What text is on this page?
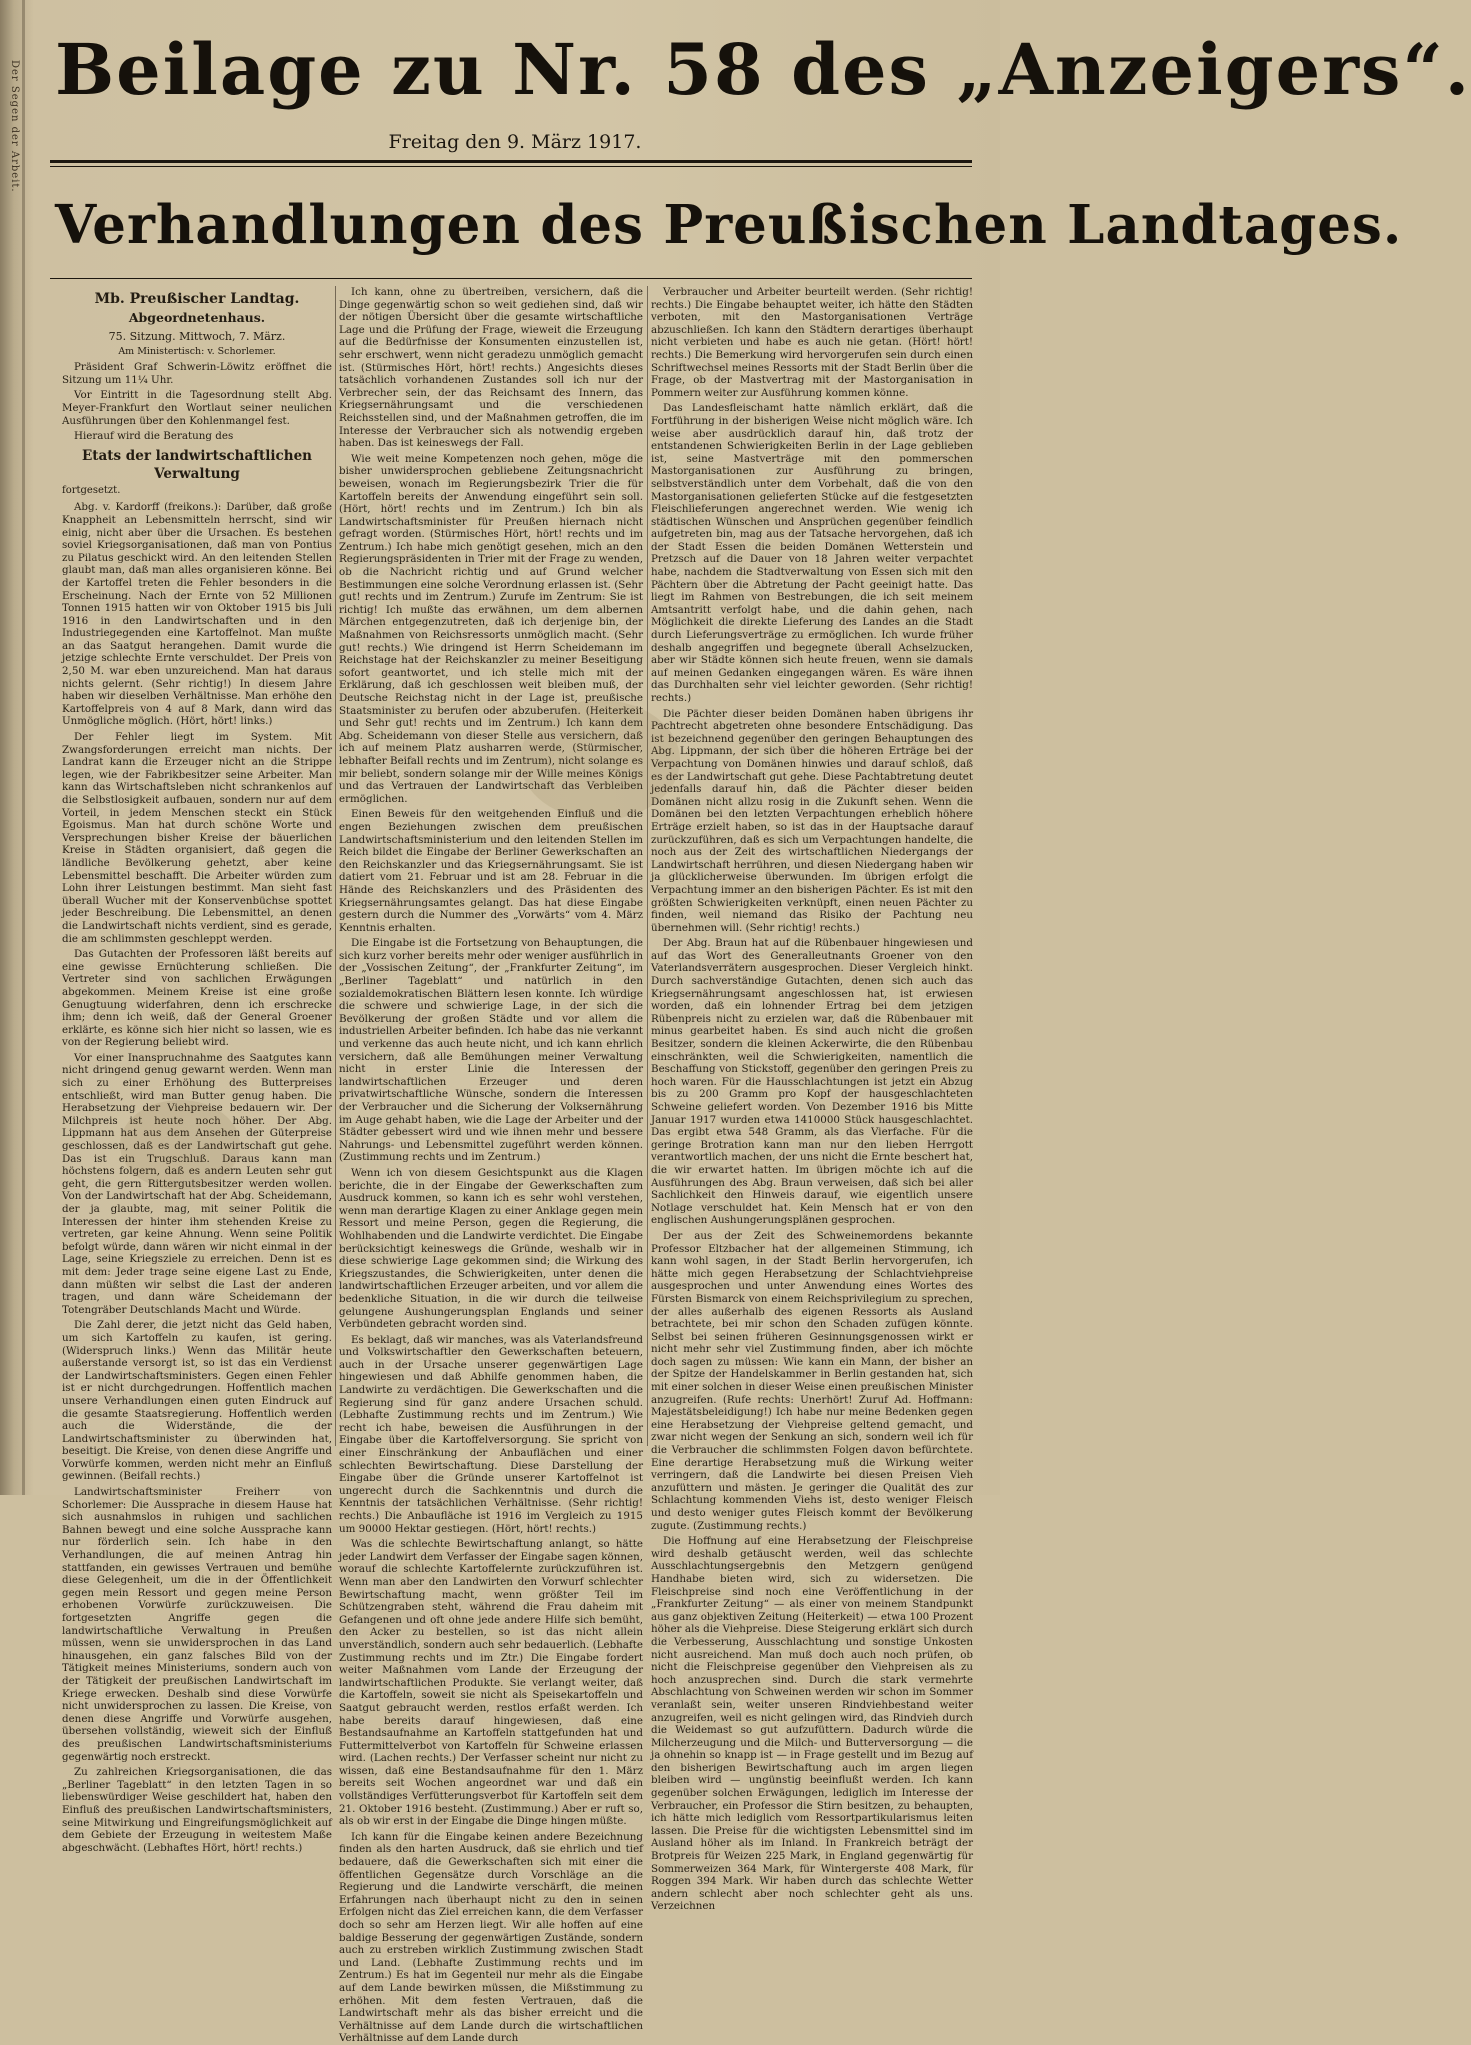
Der Segen der Arbeit. Beilage zu Nr. 58 des „Anzeigers“.
Freitag den 9. März 1917.
Verhandlungen des Preußischen Landtages.
Mb. Preußischer Landtag.
Abgeordnetenhaus.
75. Sitzung. Mittwoch, 7. März.
Am Ministertisch: v. Schorlemer.

Präsident Graf Schwerin-Löwitz eröffnet die Sitzung um 11¼ Uhr.

Vor Eintritt in die Tagesordnung stellt Abg. Meyer-Frankfurt den Wortlaut seiner neulichen Ausführungen über den Kohlenmangel fest.

Hierauf wird die Beratung des

Etats der landwirtschaftlichen Verwaltung
fortgesetzt.

Abg. v. Kardorff (freikons.): Darüber, daß große Knappheit an Lebensmitteln herrscht, sind wir einig, nicht aber über die Ursachen. Es bestehen soviel Kriegsorganisationen, daß man von Pontius zu Pilatus geschickt wird. An den leitenden Stellen glaubt man, daß man alles organisieren könne. Bei der Kartoffel treten die Fehler besonders in die Erscheinung. Nach der Ernte von 52 Millionen Tonnen 1915 hatten wir von Oktober 1915 bis Juli 1916 in den Landwirtschaften und in den Industriegegenden eine Kartoffelnot. Man mußte an das Saatgut herangehen. Damit wurde die jetzige schlechte Ernte verschuldet. Der Preis von 2,50 M. war eben unzureichend. Man hat daraus nichts gelernt. (Sehr richtig!) In diesem Jahre haben wir dieselben Verhältnisse. Man erhöhe den Kartoffelpreis von 4 auf 8 Mark, dann wird das Unmögliche möglich. (Hört, hört! links.)

Der Fehler liegt im System. Mit Zwangsforderungen erreicht man nichts. Der Landrat kann die Erzeuger nicht an die Strippe legen, wie der Fabrikbesitzer seine Arbeiter. Man kann das Wirtschaftsleben nicht schrankenlos auf die Selbstlosigkeit aufbauen, sondern nur auf dem Vorteil, in jedem Menschen steckt ein Stück Egoismus. Man hat durch schöne Worte und Versprechungen bisher Kreise der bäuerlichen Kreise in Städten organisiert, daß gegen die ländliche Bevölkerung gehetzt, aber keine Lebensmittel beschafft. Die Arbeiter würden zum Lohn ihrer Leistungen bestimmt. Man sieht fast überall Wucher mit der Konservenbüchse spottet jeder Beschreibung. Die Lebensmittel, an denen die Landwirtschaft nichts verdient, sind es gerade, die am schlimmsten geschleppt werden.

Das Gutachten der Professoren läßt bereits auf eine gewisse Ernüchterung schließen. Die Vertreter sind von sachlichen Erwägungen abgekommen. Meinem Kreise ist eine große Genugtuung widerfahren, denn ich erschrecke ihm; denn ich weiß, daß der General Groener erklärte, es könne sich hier nicht so lassen, wie es von der Regierung beliebt wird.

Vor einer Inanspruchnahme des Saatgutes kann nicht dringend genug gewarnt werden. Wenn man sich zu einer Erhöhung des Butterpreises entschließt, wird man Butter genug haben. Die Herabsetzung der Viehpreise bedauern wir. Der Milchpreis ist heute noch höher. Der Abg. Lippmann hat aus dem Ansehen der Güterpreise geschlossen, daß es der Landwirtschaft gut gehe. Das ist ein Trugschluß. Daraus kann man höchstens folgern, daß es andern Leuten sehr gut geht, die gern Rittergutsbesitzer werden wollen. Von der Landwirtschaft hat der Abg. Scheidemann, der ja glaubte, mag, mit seiner Politik die Interessen der hinter ihm stehenden Kreise zu vertreten, gar keine Ahnung. Wenn seine Politik befolgt würde, dann wären wir nicht einmal in der Lage, seine Kriegsziele zu erreichen. Denn ist es mit dem: Jeder trage seine eigene Last zu Ende, dann müßten wir selbst die Last der anderen tragen, und dann wäre Scheidemann der Totengräber Deutschlands Macht und Würde.

Die Zahl derer, die jetzt nicht das Geld haben, um sich Kartoffeln zu kaufen, ist gering. (Widerspruch links.) Wenn das Militär heute außerstande versorgt ist, so ist das ein Verdienst der Landwirtschaftsministers. Gegen einen Fehler ist er nicht durchgedrungen. Hoffentlich machen unsere Verhandlungen einen guten Eindruck auf die gesamte Staatsregierung. Hoffentlich werden auch die Widerstände, die der Landwirtschaftsminister zu überwinden hat, beseitigt. Die Kreise, von denen diese Angriffe und Vorwürfe kommen, werden nicht mehr an Einfluß gewinnen. (Beifall rechts.)

Landwirtschaftsminister Freiherr von Schorlemer: Die Aussprache in diesem Hause hat sich ausnahmslos in ruhigen und sachlichen Bahnen bewegt und eine solche Aussprache kann nur förderlich sein. Ich habe in den Verhandlungen, die auf meinen Antrag hin stattfanden, ein gewisses Vertrauen und bemühe diese Gelegenheit, um die in der Öffentlichkeit gegen mein Ressort und gegen meine Person erhobenen Vorwürfe zurückzuweisen. Die fortgesetzten Angriffe gegen die landwirtschaftliche Verwaltung in Preußen müssen, wenn sie unwidersprochen in das Land hinausgehen, ein ganz falsches Bild von der Tätigkeit meines Ministeriums, sondern auch von der Tätigkeit der preußischen Landwirtschaft im Kriege erwecken. Deshalb sind diese Vorwürfe nicht unwidersprochen zu lassen. Die Kreise, von denen diese Angriffe und Vorwürfe ausgehen, übersehen vollständig, wieweit sich der Einfluß des preußischen Landwirtschaftsministeriums gegenwärtig noch erstreckt.

Zu zahlreichen Kriegsorganisationen, die das „Berliner Tageblatt“ in den letzten Tagen in so liebenswürdiger Weise geschildert hat, haben den Einfluß des preußischen Landwirtschaftsministers, seine Mitwirkung und Eingreifungsmöglichkeit auf dem Gebiete der Erzeugung in weitestem Maße abgeschwächt. (Lebhaftes Hört, hört! rechts.)

Ich kann, ohne zu übertreiben, versichern, daß die Dinge gegenwärtig schon so weit gediehen sind, daß wir der nötigen Übersicht über die gesamte wirtschaftliche Lage und die Prüfung der Frage, wieweit die Erzeugung auf die Bedürfnisse der Konsumenten einzustellen ist, sehr erschwert, wenn nicht geradezu unmöglich gemacht ist. (Stürmisches Hört, hört! rechts.) Angesichts dieses tatsächlich vorhandenen Zustandes soll ich nur der Verbrecher sein, der das Reichsamt des Innern, das Kriegsernährungsamt und die verschiedenen Reichsstellen sind, und der Maßnahmen getroffen, die im Interesse der Verbraucher sich als notwendig ergeben haben. Das ist keineswegs der Fall.

Wie weit meine Kompetenzen noch gehen, möge die bisher unwidersprochen gebliebene Zeitungsnachricht beweisen, wonach im Regierungsbezirk Trier die für Kartoffeln bereits der Anwendung eingeführt sein soll. (Hört, hört! rechts und im Zentrum.) Ich bin als Landwirtschaftsminister für Preußen hiernach nicht gefragt worden. (Stürmisches Hört, hört! rechts und im Zentrum.) Ich habe mich genötigt gesehen, mich an den Regierungspräsidenten in Trier mit der Frage zu wenden, ob die Nachricht richtig und auf Grund welcher Bestimmungen eine solche Verordnung erlassen ist. (Sehr gut! rechts und im Zentrum.) Zurufe im Zentrum: Sie ist richtig! Ich mußte das erwähnen, um dem albernen Märchen entgegenzutreten, daß ich derjenige bin, der Maßnahmen von Reichsressorts unmöglich macht. (Sehr gut! rechts.) Wie dringend ist Herrn Scheidemann im Reichstage hat der Reichskanzler zu meiner Beseitigung sofort geantwortet, und ich stelle mich mit der Erklärung, daß ich geschlossen weit bleiben muß, der Deutsche Reichstag nicht in der Lage ist, preußische Staatsminister zu berufen oder abzuberufen. (Heiterkeit und Sehr gut! rechts und im Zentrum.) Ich kann dem Abg. Scheidemann von dieser Stelle aus versichern, daß ich auf meinem Platz ausharren werde, (Stürmischer, lebhafter Beifall rechts und im Zentrum), nicht solange es mir beliebt, sondern solange mir der Wille meines Königs und das Vertrauen der Landwirtschaft das Verbleiben ermöglichen.

Einen Beweis für den weitgehenden Einfluß und die engen Beziehungen zwischen dem preußischen Landwirtschaftsministerium und den leitenden Stellen im Reich bildet die Eingabe der Berliner Gewerkschaften an den Reichskanzler und das Kriegsernährungsamt. Sie ist datiert vom 21. Februar und ist am 28. Februar in die Hände des Reichskanzlers und des Präsidenten des Kriegsernährungsamtes gelangt. Das hat diese Eingabe gestern durch die Nummer des „Vorwärts“ vom 4. März Kenntnis erhalten.

Die Eingabe ist die Fortsetzung von Behauptungen, die sich kurz vorher bereits mehr oder weniger ausführlich in der „Vossischen Zeitung“, der „Frankfurter Zeitung“, im „Berliner Tageblatt“ und natürlich in den sozialdemokratischen Blättern lesen konnte. Ich würdige die schwere und schwierige Lage, in der sich die Bevölkerung der großen Städte und vor allem die industriellen Arbeiter befinden. Ich habe das nie verkannt und verkenne das auch heute nicht, und ich kann ehrlich versichern, daß alle Bemühungen meiner Verwaltung nicht in erster Linie die Interessen der landwirtschaftlichen Erzeuger und deren privatwirtschaftliche Wünsche, sondern die Interessen der Verbraucher und die Sicherung der Volksernährung im Auge gehabt haben, wie die Lage der Arbeiter und der Städter gebessert wird und wie ihnen mehr und bessere Nahrungs- und Lebensmittel zugeführt werden können. (Zustimmung rechts und im Zentrum.)

Wenn ich von diesem Gesichtspunkt aus die Klagen berichte, die in der Eingabe der Gewerkschaften zum Ausdruck kommen, so kann ich es sehr wohl verstehen, wenn man derartige Klagen zu einer Anklage gegen mein Ressort und meine Person, gegen die Regierung, die Wohlhabenden und die Landwirte verdichtet. Die Eingabe berücksichtigt keineswegs die Gründe, weshalb wir in diese schwierige Lage gekommen sind; die Wirkung des Kriegszustandes, die Schwierigkeiten, unter denen die landwirtschaftlichen Erzeuger arbeiten, und vor allem die bedenkliche Situation, in die wir durch die teilweise gelungene Aushungerungsplan Englands und seiner Verbündeten gebracht worden sind.

Es beklagt, daß wir manches, was als Vaterlandsfreund und Volkswirtschaftler den Gewerkschaften beteuern, auch in der Ursache unserer gegenwärtigen Lage hingewiesen und daß Abhilfe genommen haben, die Landwirte zu verdächtigen. Die Gewerkschaften und die Regierung sind für ganz andere Ursachen schuld. (Lebhafte Zustimmung rechts und im Zentrum.) Wie recht ich habe, beweisen die Ausführungen in der Eingabe über die Kartoffelversorgung. Sie spricht von einer Einschränkung der Anbauflächen und einer schlechten Bewirtschaftung. Diese Darstellung der Eingabe über die Gründe unserer Kartoffelnot ist ungerecht durch die Sachkenntnis und durch die Kenntnis der tatsächlichen Verhältnisse. (Sehr richtig! rechts.) Die Anbaufläche ist 1916 im Vergleich zu 1915 um 90000 Hektar gestiegen. (Hört, hört! rechts.)

Was die schlechte Bewirtschaftung anlangt, so hätte jeder Landwirt dem Verfasser der Eingabe sagen können, worauf die schlechte Kartoffelernte zurückzuführen ist. Wenn man aber den Landwirten den Vorwurf schlechter Bewirtschaftung macht, wenn größter Teil im Schützengraben steht, während die Frau daheim mit Gefangenen und oft ohne jede andere Hilfe sich bemüht, den Acker zu bestellen, so ist das nicht allein unverständlich, sondern auch sehr bedauerlich. (Lebhafte Zustimmung rechts und im Ztr.) Die Eingabe fordert weiter Maßnahmen vom Lande der Erzeugung der landwirtschaftlichen Produkte. Sie verlangt weiter, daß die Kartoffeln, soweit sie nicht als Speisekartoffeln und Saatgut gebraucht werden, restlos erfaßt werden. Ich habe bereits darauf hingewiesen, daß eine Bestandsaufnahme an Kartoffeln stattgefunden hat und Futtermittelverbot von Kartoffeln für Schweine erlassen wird. (Lachen rechts.) Der Verfasser scheint nur nicht zu wissen, daß eine Bestandsaufnahme für den 1. März bereits seit Wochen angeordnet war und daß ein vollständiges Verfütterungsverbot für Kartoffeln seit dem 21. Oktober 1916 besteht. (Zustimmung.) Aber er ruft so, als ob wir erst in der Eingabe die Dinge hingen müßte.

Ich kann für die Eingabe keinen andere Bezeichnung finden als den harten Ausdruck, daß sie ehrlich und tief bedauere, daß die Gewerkschaften sich mit einer die öffentlichen Gegensätze durch Vorschläge an die Regierung und die Landwirte verschärft, die meinen Erfahrungen nach überhaupt nicht zu den in seinen Erfolgen nicht das Ziel erreichen kann, die dem Verfasser doch so sehr am Herzen liegt. Wir alle hoffen auf eine baldige Besserung der gegenwärtigen Zustände, sondern auch zu erstreben wirklich Zustimmung zwischen Stadt und Land. (Lebhafte Zustimmung rechts und im Zentrum.) Es hat im Gegenteil nur mehr als die Eingabe auf dem Lande bewirken müssen, die Mißstimmung zu erhöhen. Mit dem festen Vertrauen, daß die Landwirtschaft mehr als das bisher erreicht und die Verhältnisse auf dem Lande durch die wirtschaftlichen Verhältnisse auf dem Lande durch

Verbraucher und Arbeiter beurteilt werden. (Sehr richtig! rechts.) Die Eingabe behauptet weiter, ich hätte den Städten verboten, mit den Mastorganisationen Verträge abzuschließen. Ich kann den Städtern derartiges überhaupt nicht verbieten und habe es auch nie getan. (Hört! hört! rechts.) Die Bemerkung wird hervorgerufen sein durch einen Schriftwechsel meines Ressorts mit der Stadt Berlin über die Frage, ob der Mastvertrag mit der Mastorganisation in Pommern weiter zur Ausführung kommen könne.

Das Landesfleischamt hatte nämlich erklärt, daß die Fortführung in der bisherigen Weise nicht möglich wäre. Ich weise aber ausdrücklich darauf hin, daß trotz der entstandenen Schwierigkeiten Berlin in der Lage geblieben ist, seine Mastverträge mit den pommerschen Mastorganisationen zur Ausführung zu bringen, selbstverständlich unter dem Vorbehalt, daß die von den Mastorganisationen gelieferten Stücke auf die festgesetzten Fleischlieferungen angerechnet werden. Wie wenig ich städtischen Wünschen und Ansprüchen gegenüber feindlich aufgetreten bin, mag aus der Tatsache hervorgehen, daß ich der Stadt Essen die beiden Domänen Wetterstein und Pretzsch auf die Dauer von 18 Jahren weiter verpachtet habe, nachdem die Stadtverwaltung von Essen sich mit den Pächtern über die Abtretung der Pacht geeinigt hatte. Das liegt im Rahmen von Bestrebungen, die ich seit meinem Amtsantritt verfolgt habe, und die dahin gehen, nach Möglichkeit die direkte Lieferung des Landes an die Stadt durch Lieferungsverträge zu ermöglichen. Ich wurde früher deshalb angegriffen und begegnete überall Achselzucken, aber wir Städte können sich heute freuen, wenn sie damals auf meinen Gedanken eingegangen wären. Es wäre ihnen das Durchhalten sehr viel leichter geworden. (Sehr richtig! rechts.)

Die Pächter dieser beiden Domänen haben übrigens ihr Pachtrecht abgetreten ohne besondere Entschädigung. Das ist bezeichnend gegenüber den geringen Behauptungen des Abg. Lippmann, der sich über die höheren Erträge bei der Verpachtung von Domänen hinwies und darauf schloß, daß es der Landwirtschaft gut gehe. Diese Pachtabtretung deutet jedenfalls darauf hin, daß die Pächter dieser beiden Domänen nicht allzu rosig in die Zukunft sehen. Wenn die Domänen bei den letzten Verpachtungen erheblich höhere Erträge erzielt haben, so ist das in der Hauptsache darauf zurückzuführen, daß es sich um Verpachtungen handelte, die noch aus der Zeit des wirtschaftlichen Niedergangs der Landwirtschaft herrühren, und diesen Niedergang haben wir ja glücklicherweise überwunden. Im übrigen erfolgt die Verpachtung immer an den bisherigen Pächter. Es ist mit den größten Schwierigkeiten verknüpft, einen neuen Pächter zu finden, weil niemand das Risiko der Pachtung neu übernehmen will. (Sehr richtig! rechts.)

Der Abg. Braun hat auf die Rübenbauer hingewiesen und auf das Wort des Generalleutnants Groener von den Vaterlandsverrätern ausgesprochen. Dieser Vergleich hinkt. Durch sachverständige Gutachten, denen sich auch das Kriegsernährungsamt angeschlossen hat, ist erwiesen worden, daß ein lohnender Ertrag bei dem jetzigen Rübenpreis nicht zu erzielen war, daß die Rübenbauer mit minus gearbeitet haben. Es sind auch nicht die großen Besitzer, sondern die kleinen Ackerwirte, die den Rübenbau einschränkten, weil die Schwierigkeiten, namentlich die Beschaffung von Stickstoff, gegenüber den geringen Preis zu hoch waren. Für die Hausschlachtungen ist jetzt ein Abzug bis zu 200 Gramm pro Kopf der hausgeschlachteten Schweine geliefert worden. Von Dezember 1916 bis Mitte Januar 1917 wurden etwa 1410000 Stück hausgeschlachtet. Das ergibt etwa 548 Gramm, als das Vierfache. Für die geringe Brotration kann man nur den lieben Herrgott verantwortlich machen, der uns nicht die Ernte beschert hat, die wir erwartet hatten. Im übrigen möchte ich auf die Ausführungen des Abg. Braun verweisen, daß sich bei aller Sachlichkeit den Hinweis darauf, wie eigentlich unsere Notlage verschuldet hat. Kein Mensch hat er von den englischen Aushungerungsplänen gesprochen.

Der aus der Zeit des Schweinemordens bekannte Professor Eltzbacher hat der allgemeinen Stimmung, ich kann wohl sagen, in der Stadt Berlin hervorgerufen, ich hätte mich gegen Herabsetzung der Schlachtviehpreise ausgesprochen und unter Anwendung eines Wortes des Fürsten Bismarck von einem Reichsprivilegium zu sprechen, der alles außerhalb des eigenen Ressorts als Ausland betrachtete, bei mir schon den Schaden zufügen könnte. Selbst bei seinen früheren Gesinnungsgenossen wirkt er nicht mehr sehr viel Zustimmung finden, aber ich möchte doch sagen zu müssen: Wie kann ein Mann, der bisher an der Spitze der Handelskammer in Berlin gestanden hat, sich mit einer solchen in dieser Weise einen preußischen Minister anzugreifen. (Rufe rechts: Unerhört! Zuruf Ad. Hoffmann: Majestätsbeleidigung!) Ich habe nur meine Bedenken gegen eine Herabsetzung der Viehpreise geltend gemacht, und zwar nicht wegen der Senkung an sich, sondern weil ich für die Verbraucher die schlimmsten Folgen davon befürchtete. Eine derartige Herabsetzung muß die Wirkung weiter verringern, daß die Landwirte bei diesen Preisen Vieh anzufüttern und mästen. Je geringer die Qualität des zur Schlachtung kommenden Viehs ist, desto weniger Fleisch und desto weniger gutes Fleisch kommt der Bevölkerung zugute. (Zustimmung rechts.)

Die Hoffnung auf eine Herabsetzung der Fleischpreise wird deshalb getäuscht werden, weil das schlechte Ausschlachtungsergebnis den Metzgern genügend Handhabe bieten wird, sich zu widersetzen. Die Fleischpreise sind noch eine Veröffentlichung in der „Frankfurter Zeitung“ — als einer von meinem Standpunkt aus ganz objektiven Zeitung (Heiterkeit) — etwa 100 Prozent höher als die Viehpreise. Diese Steigerung erklärt sich durch die Verbesserung, Ausschlachtung und sonstige Unkosten nicht ausreichend. Man muß doch auch noch prüfen, ob nicht die Fleischpreise gegenüber den Viehpreisen als zu hoch anzusprechen sind. Durch die stark vermehrte Abschlachtung von Schweinen werden wir schon im Sommer veranlaßt sein, weiter unseren Rindviehbestand weiter anzugreifen, weil es nicht gelingen wird, das Rindvieh durch die Weidemast so gut aufzufüttern. Dadurch würde die Milcherzeugung und die Milch- und Butterversorgung — die ja ohnehin so knapp ist — in Frage gestellt und im Bezug auf den bisherigen Bewirtschaftung auch im argen liegen bleiben wird — ungünstig beeinflußt werden. Ich kann gegenüber solchen Erwägungen, lediglich im Interesse der Verbraucher, ein Professor die Stirn besitzen, zu behaupten, ich hätte mich lediglich vom Ressortpartikularismus leiten lassen. Die Preise für die wichtigsten Lebensmittel sind im Ausland höher als im Inland. In Frankreich beträgt der Brotpreis für Weizen 225 Mark, in England gegenwärtig für Sommerweizen 364 Mark, für Wintergerste 408 Mark, für Roggen 394 Mark. Wir haben durch das schlechte Wetter andern schlecht aber noch schlechter geht als uns. Verzeichnen
